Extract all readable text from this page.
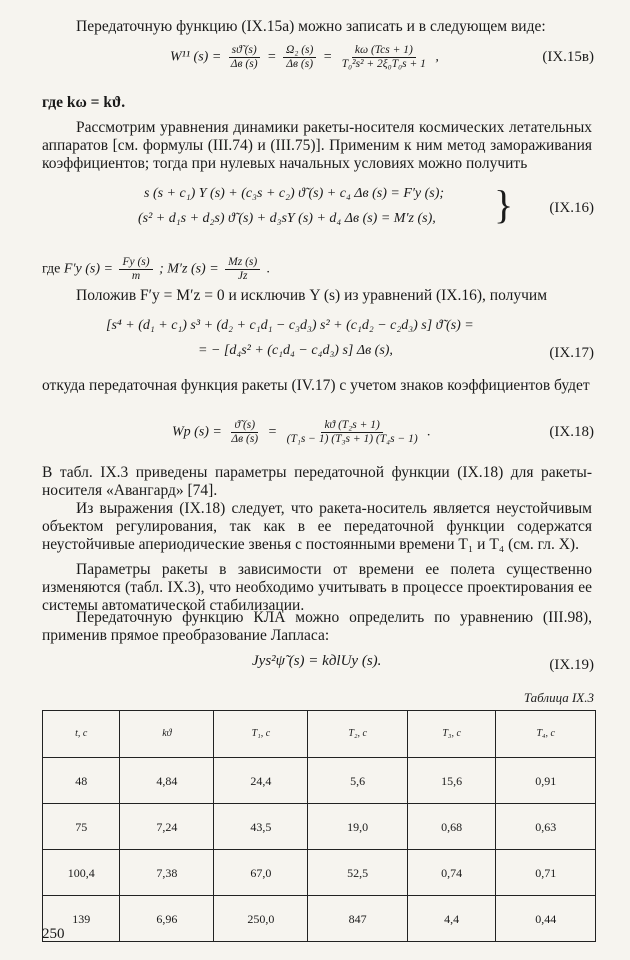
Передаточную функцию (IX.15а) можно записать и в следующем виде:

W¹¹ $(s) = \frac{sϑ̃ (s)}{\Delta в (s)} = \frac{\text{Ω₂ (s)}}{\Delta в (s)} = \frac{\text{kω (Tcs + 1)}}{\text{T₀²s² + 2ξ₀T₀s + 1}}$ ,	(IX.15в)

где kω = kϑ.

Рассмотрим уравнения динамики ракеты-носителя космических летательных аппаратов [см. формулы (III.74) и (III.75)]. Применим к ним метод замораживания коэффициентов; тогда при нулевых начальных условиях можно получить

s (s + c₁) Y (s) + (c₃s + c₂) ϑ̃ (s) + c₄ Δв (s) = F′y (s);
(s² + d₁s + d₂s) ϑ̃ (s) + d₃sY (s) + d₄ Δв (s) = M′z (s), } (IX.16)
где F′y $(s) = \frac{Fy (s)}{m}$ ; M′z $(s) = \frac{Mz (s)}{Jz}$ .

Положив F′y = M′z = 0 и исключив Y (s) из уравнений (IX.16), получим

[s⁴ + (d₁ + c₁) s³ + (d₂ + c₁d₁ − c₃d₃) s² + (c₁d₂ − c₂d₃) s] ϑ̃ (s) =
= − [d₄s² + (c₁d₄ − c₄d₃) s] Δв (s),	(IX.17)

откуда передаточная функция ракеты (IV.17) с учетом знаков коэффициентов будет

Wр $(s) = \frac{ϑ̃ (s)}{\Delta в (s)} = \frac{\text{kϑ (T₂s + 1)}}{\text{(T₁s − 1) (T₃s + 1) (T₄s − 1)}}$ .	(IX.18)

В табл. IX.3 приведены параметры передаточной функции (IX.18) для ракеты-носителя «Авангард» [74].

Из выражения (IX.18) следует, что ракета-носитель является неустойчивым объектом регулирования, так как в ее передаточной функции содержатся неустойчивые апериодические звенья с постоянными времени T₁ и T₄ (см. гл. X).

Параметры ракеты в зависимости от времени ее полета существенно изменяются (табл. IX.3), что необходимо учитывать в процессе проектирования ее системы автоматической стабилизации.

Передаточную функцию КЛА можно определить по уравнению (III.98), применив прямое преобразование Лапласа:

Jys²ψ̃ (s) = kдlUy (s).	(IX.19)
Таблица IX.3
t, с	kϑ	T₁, с	T₂, с	T₃, с	T₄, с
48	4,84	24,4	5,6	15,6	0,91
75	7,24	43,5	19,0	0,68	0,63
100,4	7,38	67,0	52,5	0,74	0,71
139	6,96	250,0	847	4,4	0,44
250
